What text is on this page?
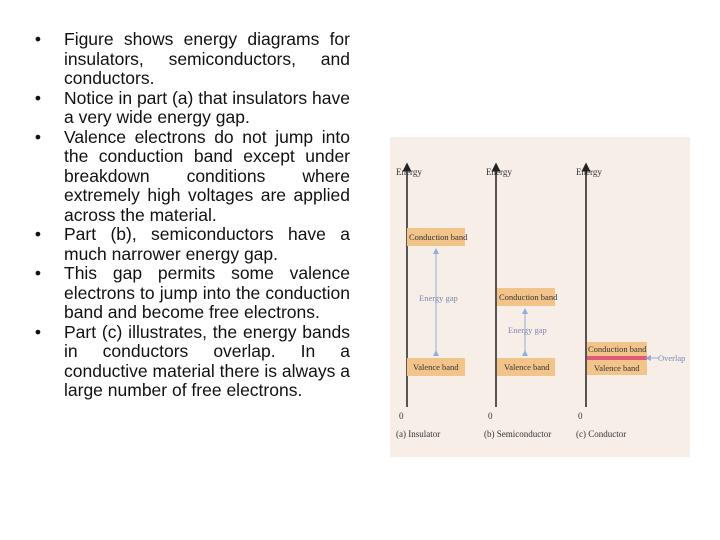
•	Figure shows energy diagrams for insulators, semiconductors, and conductors.
•	Notice in part (a) that insulators have a very wide energy gap.
•	Valence electrons do not jump into the conduction band except under breakdown conditions where extremely high voltages are applied across the material.
•	Part (b), semiconductors have a much narrower energy gap.
•	This gap permits some valence electrons to jump into the conduction band and become free electrons.
•	Part (c) illustrates, the energy bands in conductors overlap. In a conductive material there is always a large number of free electrons.
Energy
0
Conduction band
Energy gap
Valence band
(a) Insulator
Energy
0
Conduction band
Energy gap
Valence band
(b) Semiconductor
Energy
0
Conduction band
Valence band
Overlap
(c) Conductor
